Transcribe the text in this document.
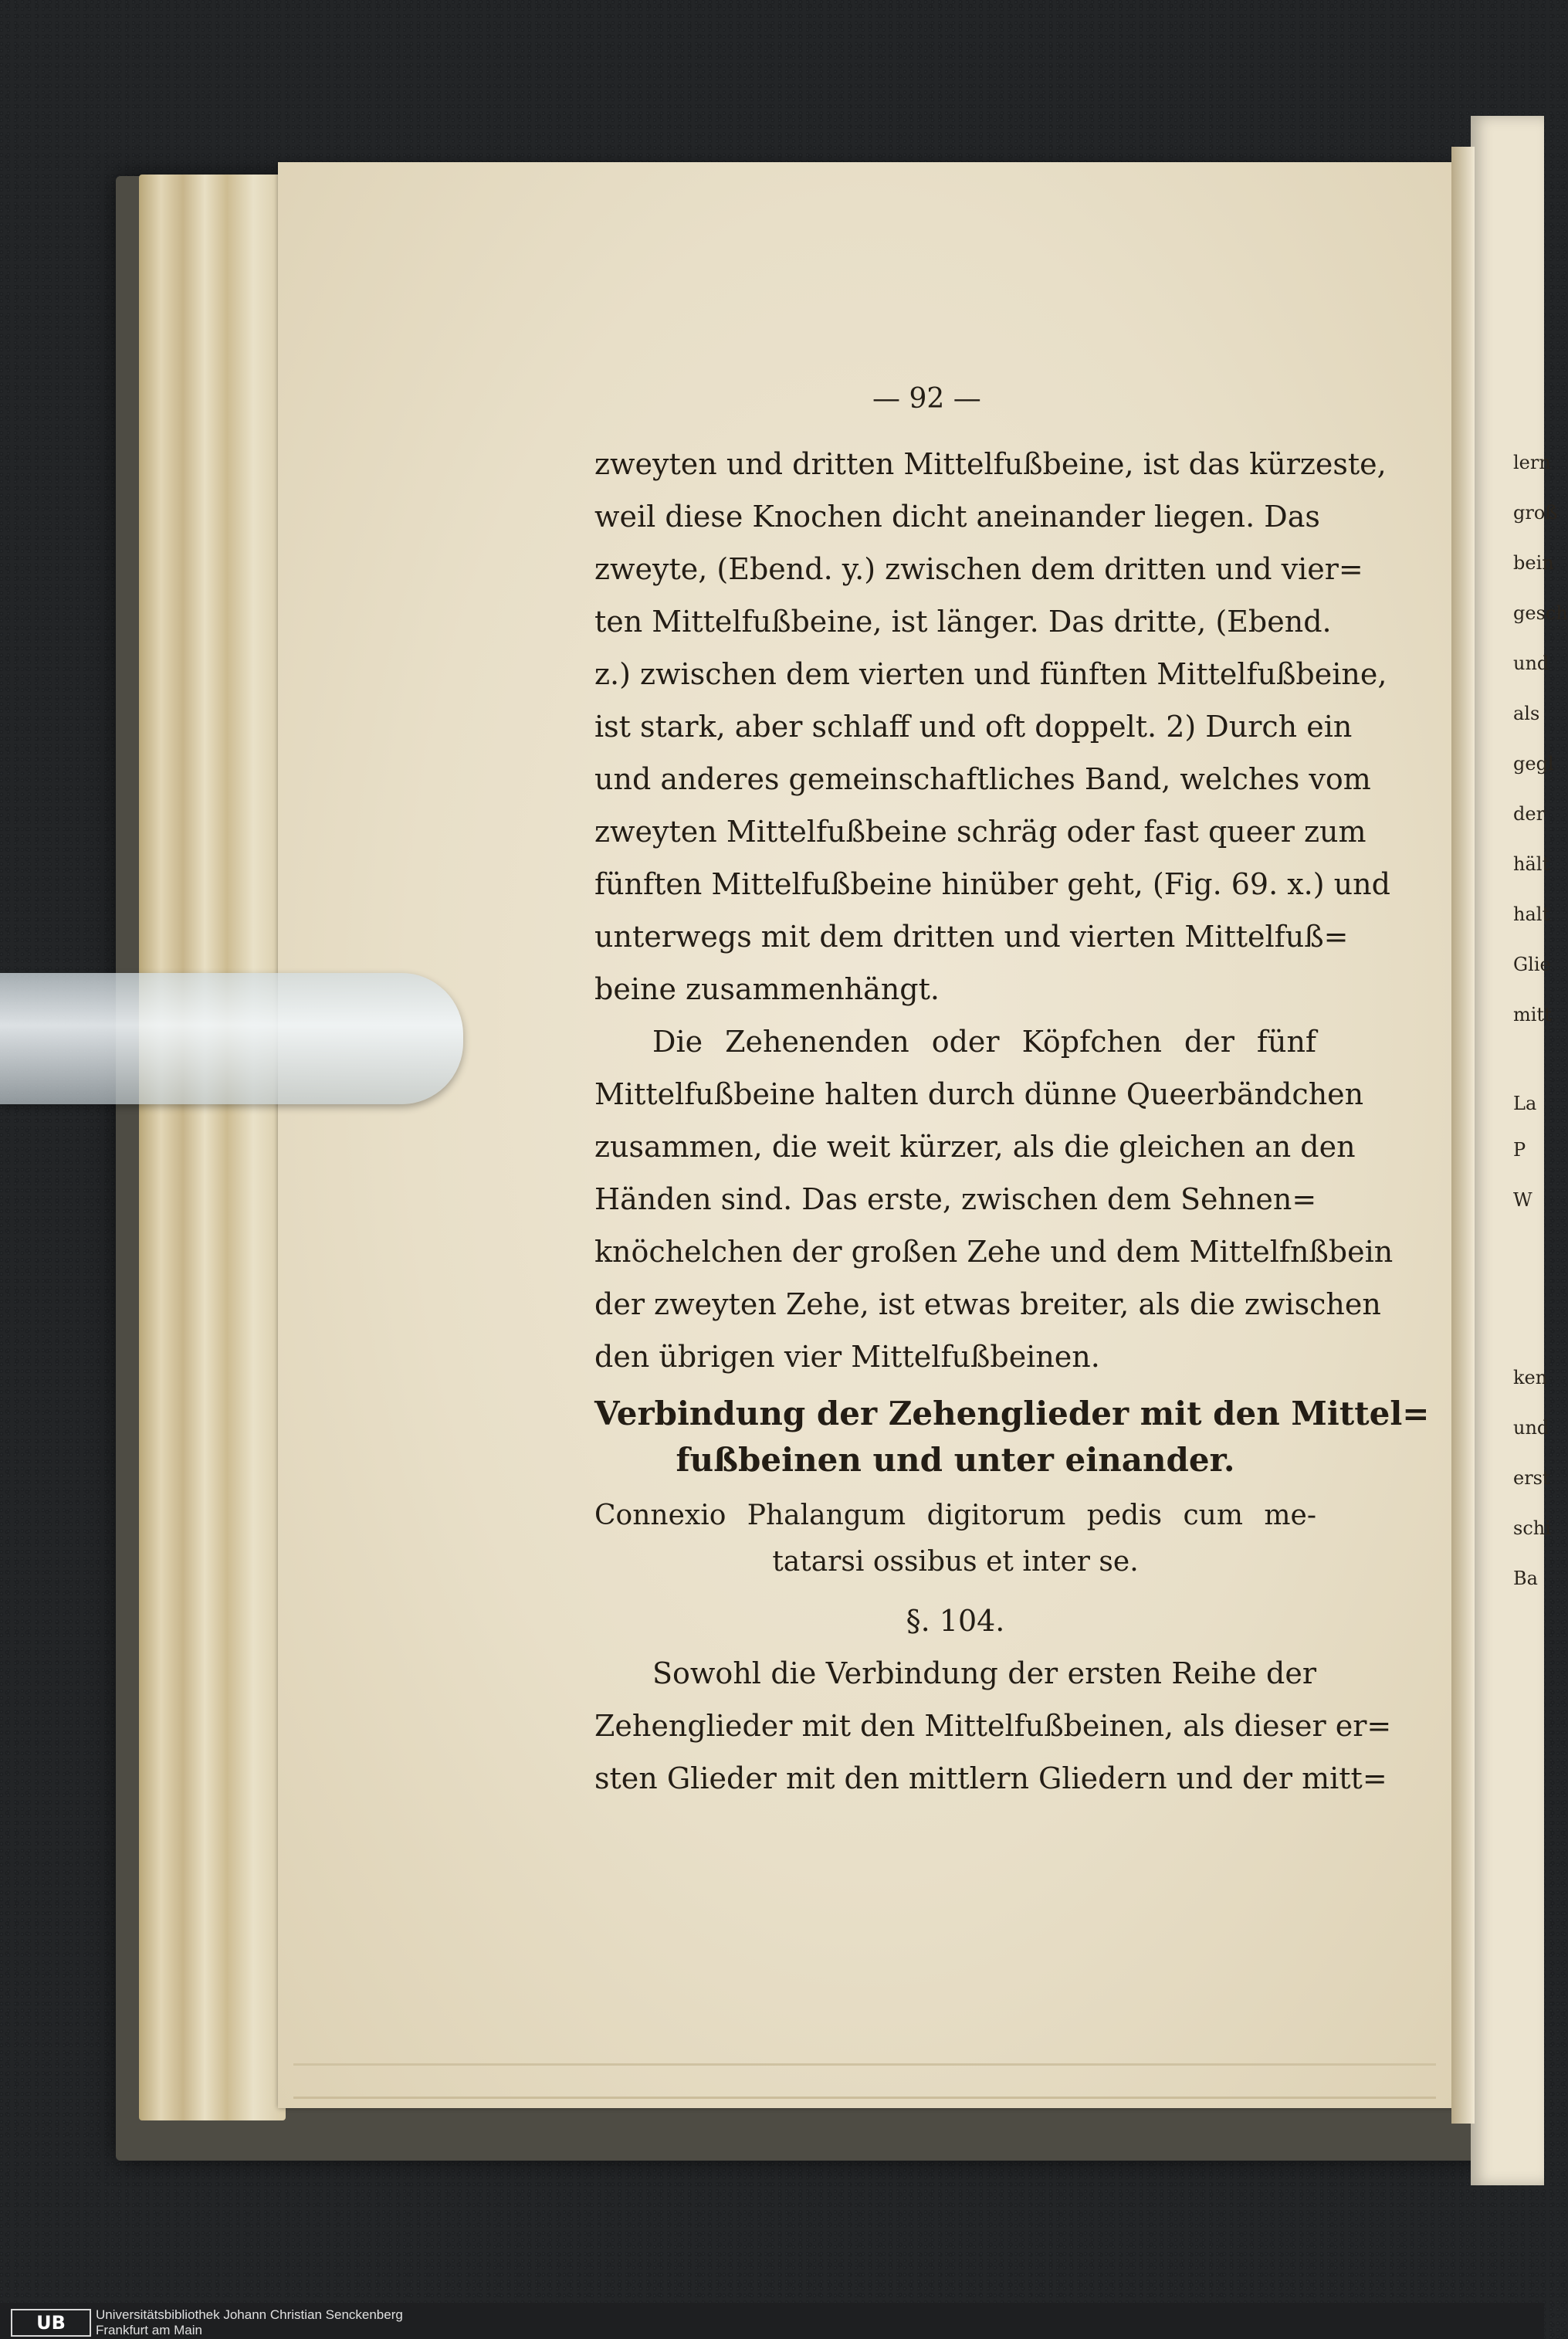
lern
groß
bein
gesch
und
als
gegl
der
hält
halt
Glie
mitt
La
P
W
ken
und
erst
schi
Ba
— 92 —
zweyten und dritten Mittelfußbeine, ist das kürzeste,
weil diese Knochen dicht aneinander liegen. Das
zweyte, (Ebend. y.) zwischen dem dritten und vier=
ten Mittelfußbeine, ist länger. Das dritte, (Ebend.
z.) zwischen dem vierten und fünften Mittelfußbeine,
ist stark, aber schlaff und oft doppelt. 2) Durch ein
und anderes gemeinschaftliches Band, welches vom
zweyten Mittelfußbeine schräg oder fast queer zum
fünften Mittelfußbeine hinüber geht, (Fig. 69. x.) und
unterwegs mit dem dritten und vierten Mittelfuß=
beine zusammenhängt.
Die Zehenenden oder Köpfchen der fünf
Mittelfußbeine halten durch dünne Queerbändchen
zusammen, die weit kürzer, als die gleichen an den
Händen sind. Das erste, zwischen dem Sehnen=
knöchelchen der großen Zehe und dem Mittelfnßbein
der zweyten Zehe, ist etwas breiter, als die zwischen
den übrigen vier Mittelfußbeinen.
Verbindung der Zehenglieder mit den Mittel=
fußbeinen und unter einander.
Connexio Phalangum digitorum pedis cum me-
tatarsi ossibus et inter se.
§. 104.
Sowohl die Verbindung der ersten Reihe der
Zehenglieder mit den Mittelfußbeinen, als dieser er=
sten Glieder mit den mittlern Gliedern und der mitt=
UB	Universitätsbibliothek Johann Christian Senckenberg
Frankfurt am Main
